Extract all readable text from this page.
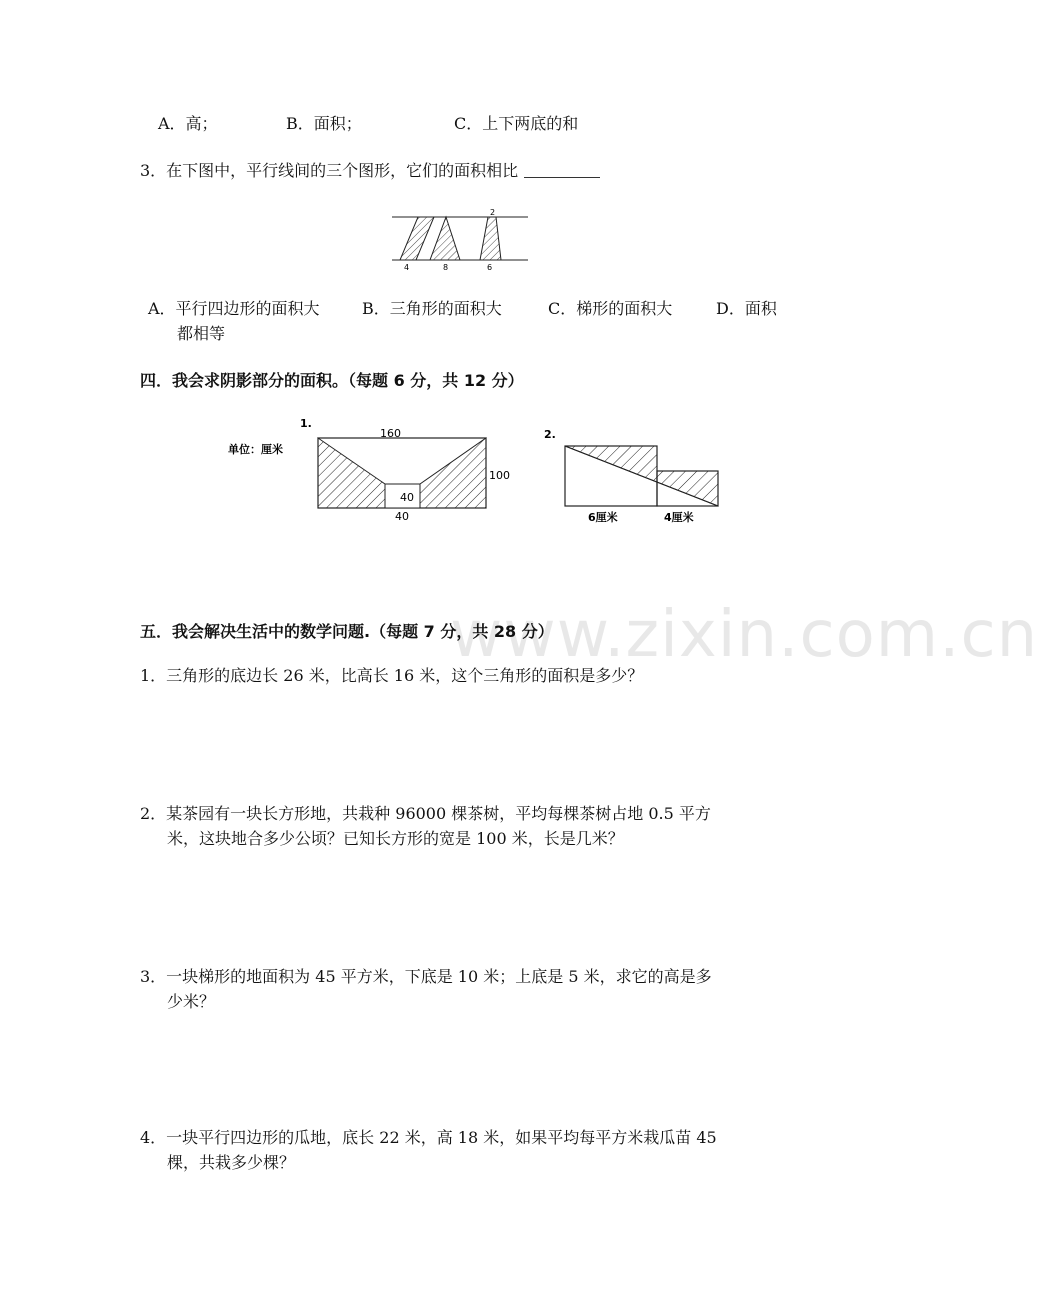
A．高；	B．面积；	C．上下两底的和
3．在下图中，平行线间的三个图形，它们的面积相比
4	8	6
2
A．平行四边形的面积大	B．三角形的面积大	C．梯形的面积大	D．面积
都相等
四．我会求阴影部分的面积。（每题 6 分，共 12 分）
1.
单位：厘米
160
40
100
40
2.
6厘米	4厘米
www.zixin.com.cn
五．我会解决生活中的数学问题.（每题 7 分，共 28 分）
1．三角形的底边长 26 米，比高长 16 米，这个三角形的面积是多少？
2．某茶园有一块长方形地，共栽种 96000 棵茶树，平均每棵茶树占地 0.5 平方
米，这块地合多少公顷？已知长方形的宽是 100 米，长是几米？
3．一块梯形的地面积为 45 平方米，下底是 10 米；上底是 5 米，求它的高是多
少米？
4．一块平行四边形的瓜地，底长 22 米，高 18 米，如果平均每平方米栽瓜苗 45
棵，共栽多少棵？
